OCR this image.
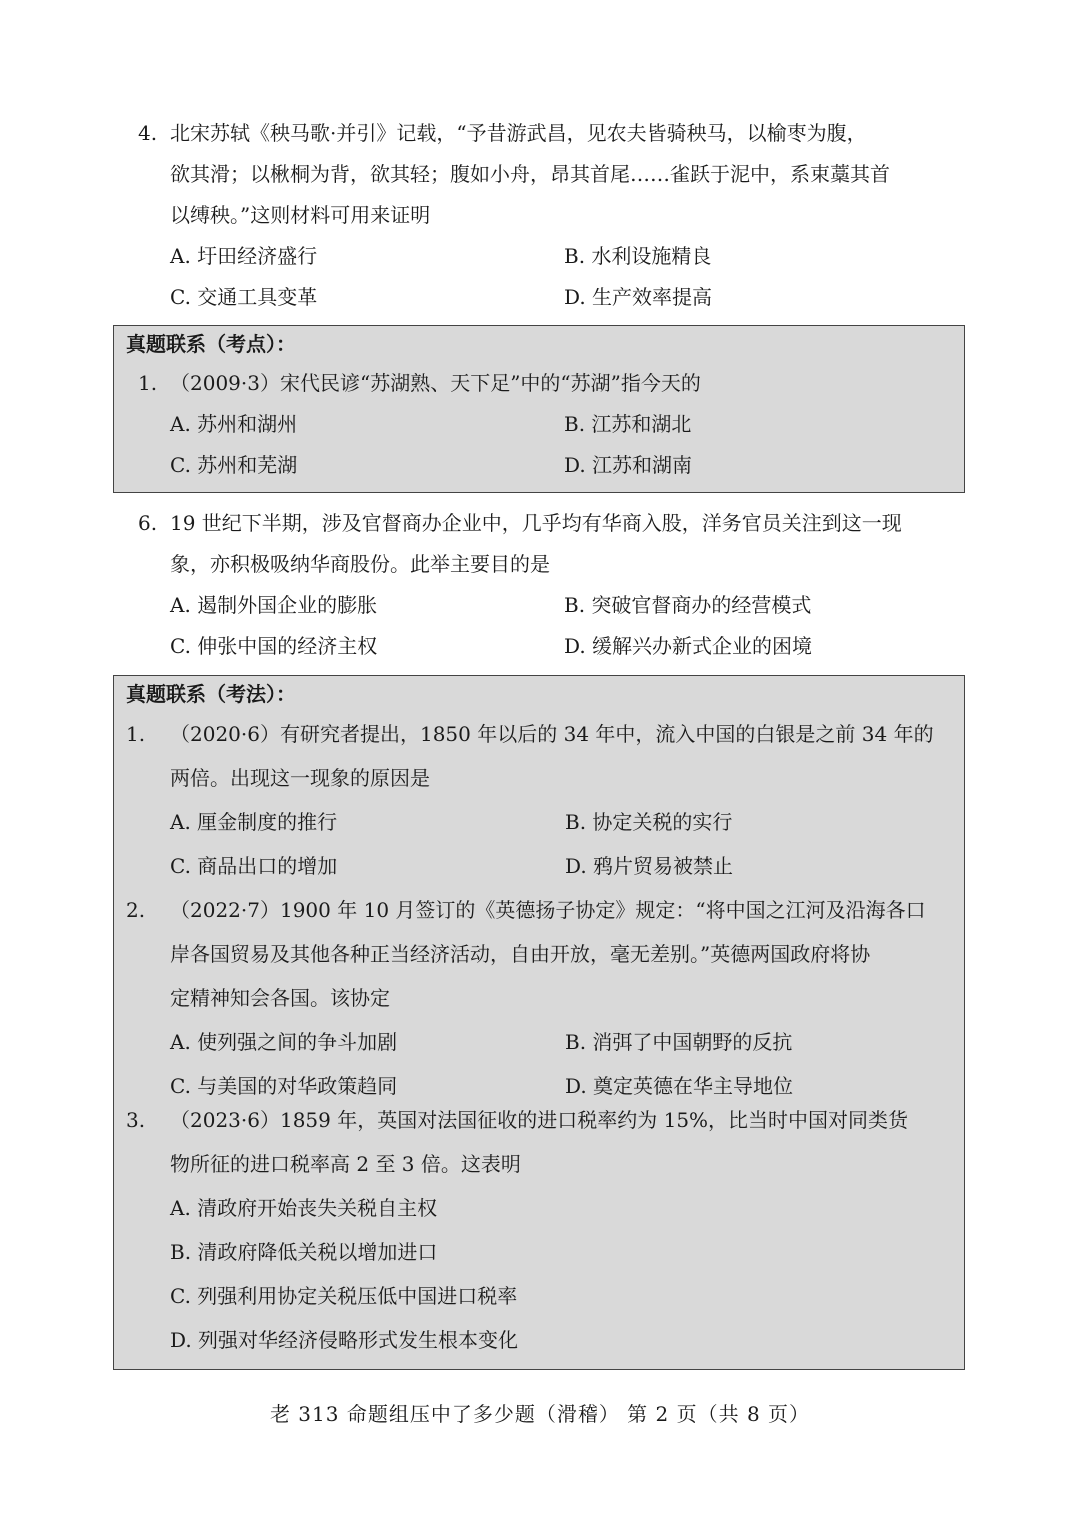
4. 北宋苏轼《秧马歌·并引》记载，“予昔游武昌，见农夫皆骑秧马，以榆枣为腹，
欲其滑；以楸桐为背，欲其轻；腹如小舟，昂其首尾……雀跃于泥中，系束藁其首
以缚秧。”这则材料可用来证明
A. 圩田经济盛行	B. 水利设施精良
C. 交通工具变革	D. 生产效率提高
真题联系（考点）：
1. （2009·3）宋代民谚“苏湖熟、天下足”中的“苏湖”指今天的
A. 苏州和湖州	B. 江苏和湖北
C. 苏州和芜湖	D. 江苏和湖南
6. 19 世纪下半期，涉及官督商办企业中，几乎均有华商入股，洋务官员关注到这一现
象，亦积极吸纳华商股份。此举主要目的是
A. 遏制外国企业的膨胀	B. 突破官督商办的经营模式
C. 伸张中国的经济主权	D. 缓解兴办新式企业的困境
真题联系（考法）：
1. （2020·6）有研究者提出，1850 年以后的 34 年中，流入中国的白银是之前 34 年的
两倍。出现这一现象的原因是
A. 厘金制度的推行	B. 协定关税的实行
C. 商品出口的增加	D. 鸦片贸易被禁止
2. （2022·7）1900 年 10 月签订的《英德扬子协定》规定：“将中国之江河及沿海各口
岸各国贸易及其他各种正当经济活动，自由开放，毫无差别。”英德两国政府将协
定精神知会各国。该协定
A. 使列强之间的争斗加剧	B. 消弭了中国朝野的反抗
C. 与美国的对华政策趋同	D. 奠定英德在华主导地位
3. （2023·6）1859 年，英国对法国征收的进口税率约为 15%，比当时中国对同类货
物所征的进口税率高 2 至 3 倍。这表明
A. 清政府开始丧失关税自主权
B. 清政府降低关税以增加进口
C. 列强利用协定关税压低中国进口税率
D. 列强对华经济侵略形式发生根本变化
老 313 命题组压中了多少题（滑稽） 第 2 页（共 8 页）
